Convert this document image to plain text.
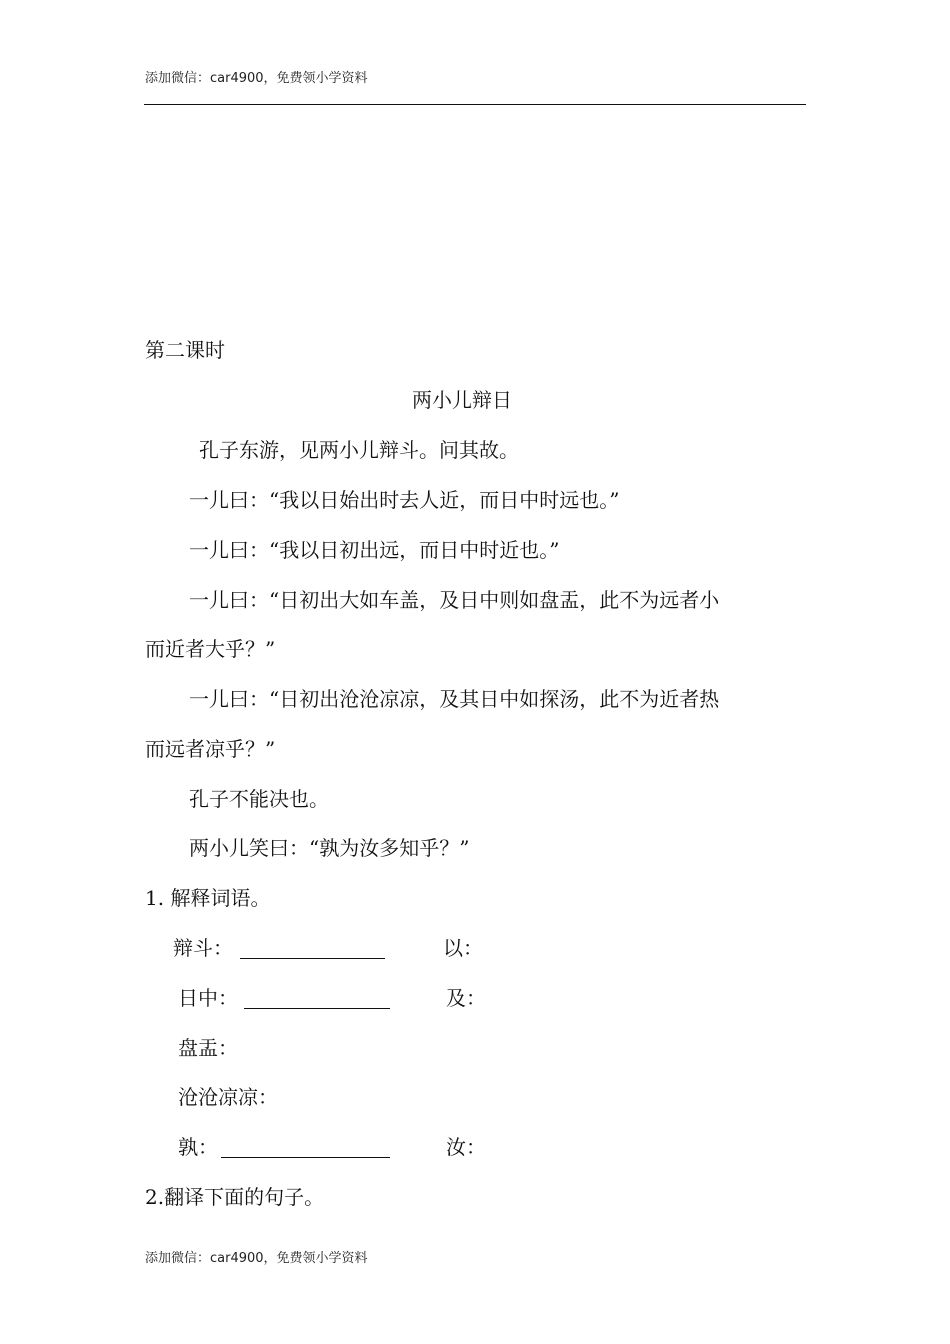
添加微信：car4900，免费领小学资料
第二课时
两小儿辩日
孔子东游，见两小儿辩斗。问其故。
一儿曰：“我以日始出时去人近，而日中时远也。”
一儿曰：“我以日初出远，而日中时近也。”
一儿曰：“日初出大如车盖，及日中则如盘盂，此不为远者小
而近者大乎？”
一儿曰：“日初出沧沧凉凉，及其日中如探汤，此不为近者热
而远者凉乎？”
孔子不能决也。
两小儿笑曰：“孰为汝多知乎？”
1. 解释词语。
辩斗：	以：
日中：	及：
盘盂：
沧沧凉凉：
孰：	汝：
2.翻译下面的句子。
添加微信：car4900，免费领小学资料
